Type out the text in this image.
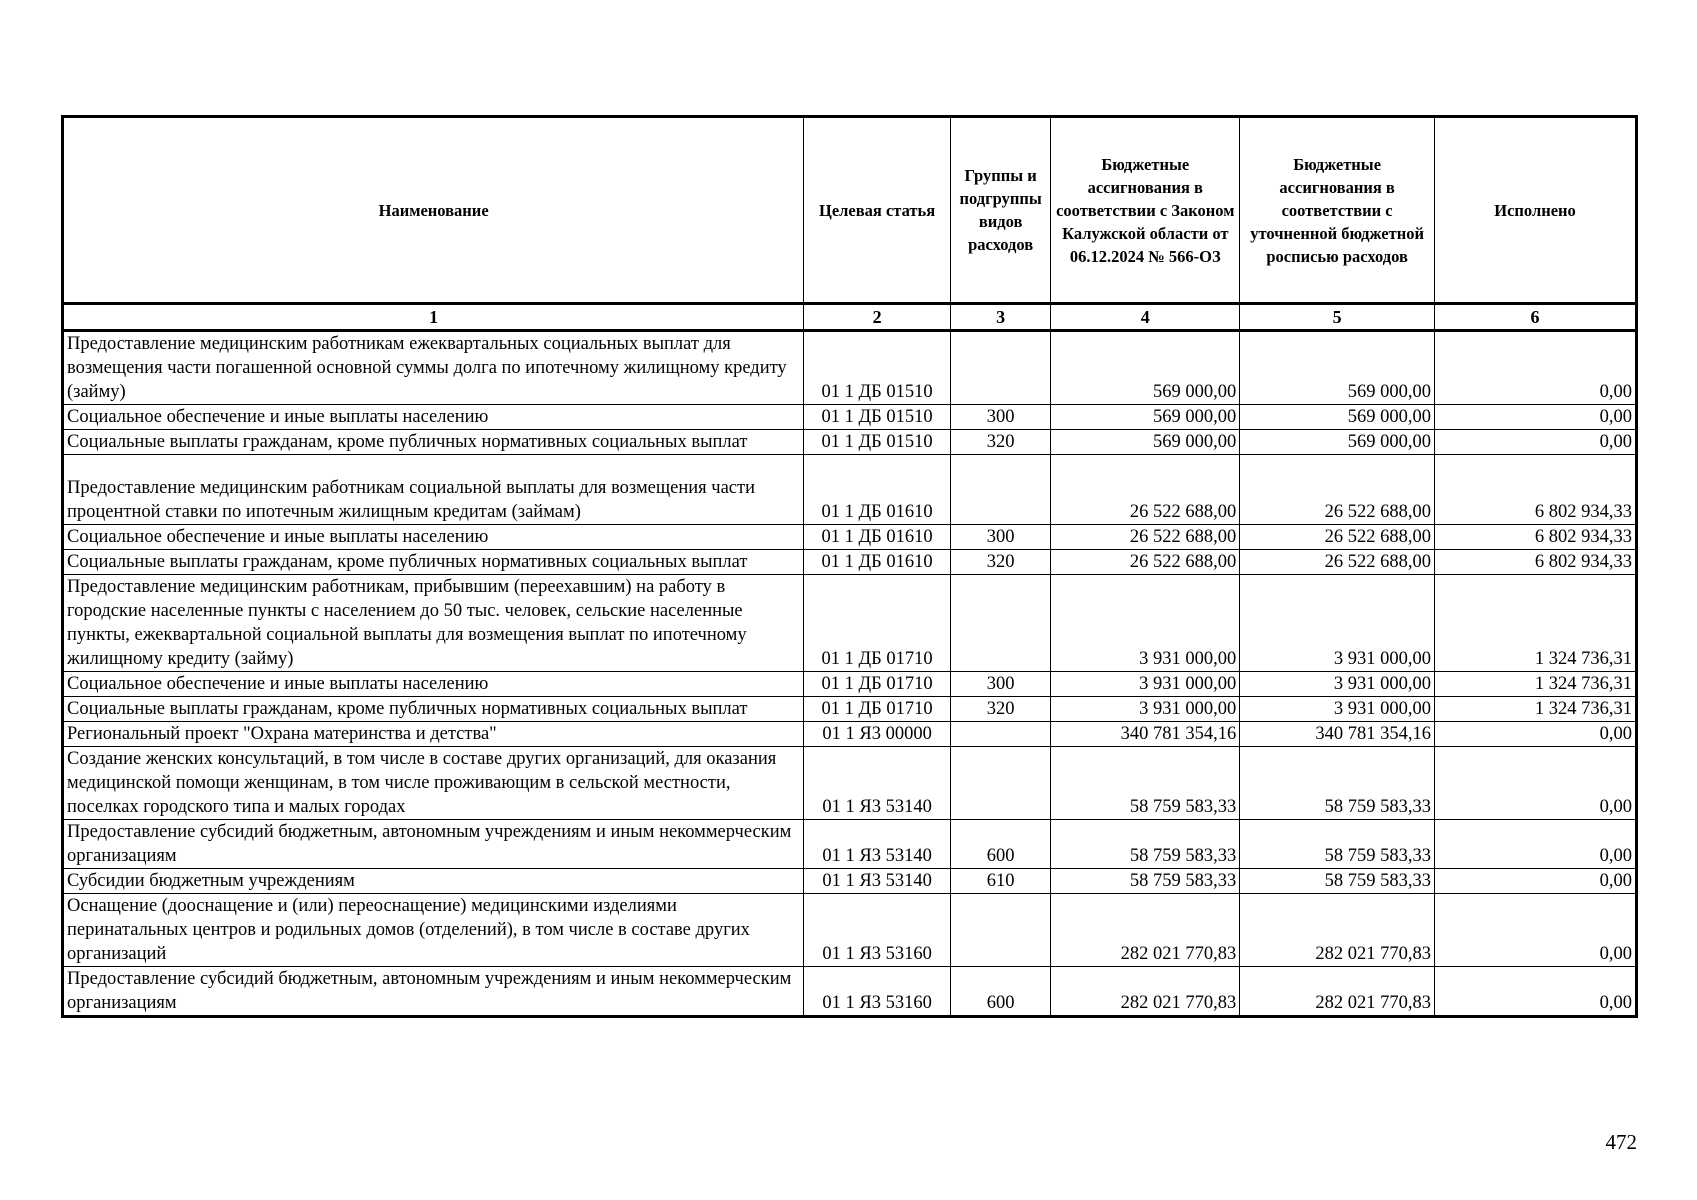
Наименование	Целевая статья	Группы и подгруппы видов расходов	Бюджетные ассигнования в соответствии с Законом Калужской области от 06.12.2024 № 566-ОЗ	Бюджетные ассигнования в соответствии с уточненной бюджетной росписью расходов	Исполнено
1	2	3	4	5	6
Предоставление медицинским работникам ежеквартальных социальных выплат для возмещения части погашенной основной суммы долга по ипотечному жилищному кредиту (займу)	01 1 ДБ 01510		569 000,00	569 000,00	0,00
Социальное обеспечение и иные выплаты населению	01 1 ДБ 01510	300	569 000,00	569 000,00	0,00
Социальные выплаты гражданам, кроме публичных нормативных социальных выплат	01 1 ДБ 01510	320	569 000,00	569 000,00	0,00
Предоставление медицинским работникам социальной выплаты для возмещения части процентной ставки по ипотечным жилищным кредитам (займам)	01 1 ДБ 01610		26 522 688,00	26 522 688,00	6 802 934,33
Социальное обеспечение и иные выплаты населению	01 1 ДБ 01610	300	26 522 688,00	26 522 688,00	6 802 934,33
Социальные выплаты гражданам, кроме публичных нормативных социальных выплат	01 1 ДБ 01610	320	26 522 688,00	26 522 688,00	6 802 934,33
Предоставление медицинским работникам, прибывшим (переехавшим) на работу в городские населенные пункты с населением до 50 тыс. человек, сельские населенные пункты, ежеквартальной социальной выплаты для возмещения выплат по ипотечному жилищному кредиту (займу)	01 1 ДБ 01710		3 931 000,00	3 931 000,00	1 324 736,31
Социальное обеспечение и иные выплаты населению	01 1 ДБ 01710	300	3 931 000,00	3 931 000,00	1 324 736,31
Социальные выплаты гражданам, кроме публичных нормативных социальных выплат	01 1 ДБ 01710	320	3 931 000,00	3 931 000,00	1 324 736,31
Региональный проект "Охрана материнства и детства"	01 1 Я3 00000		340 781 354,16	340 781 354,16	0,00
Создание женских консультаций, в том числе в составе других организаций, для оказания медицинской помощи женщинам, в том числе проживающим в сельской местности, поселках городского типа и малых городах	01 1 Я3 53140		58 759 583,33	58 759 583,33	0,00
Предоставление субсидий бюджетным, автономным учреждениям и иным некоммерческим организациям	01 1 Я3 53140	600	58 759 583,33	58 759 583,33	0,00
Субсидии бюджетным учреждениям	01 1 Я3 53140	610	58 759 583,33	58 759 583,33	0,00
Оснащение (дооснащение и (или) переоснащение) медицинскими изделиями перинатальных центров и родильных домов (отделений), в том числе в составе других организаций	01 1 Я3 53160		282 021 770,83	282 021 770,83	0,00
Предоставление субсидий бюджетным, автономным учреждениям и иным некоммерческим организациям	01 1 Я3 53160	600	282 021 770,83	282 021 770,83	0,00
472
